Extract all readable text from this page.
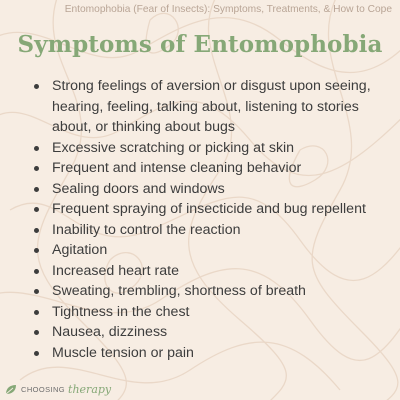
Entomophobia (Fear of Insects): Symptoms, Treatments, & How to Cope
Symptoms of Entomophobia
Strong feelings of aversion or disgust upon seeing, hearing, feeling, talking about, listening to stories about, or thinking about bugs
Excessive scratching or picking at skin
Frequent and intense cleaning behavior
Sealing doors and windows
Frequent spraying of insecticide and bug repellent
Inability to control the reaction
Agitation
Increased heart rate
Sweating, trembling, shortness of breath
Tightness in the chest
Nausea, dizziness
Muscle tension or pain
CHOOSING therapy
